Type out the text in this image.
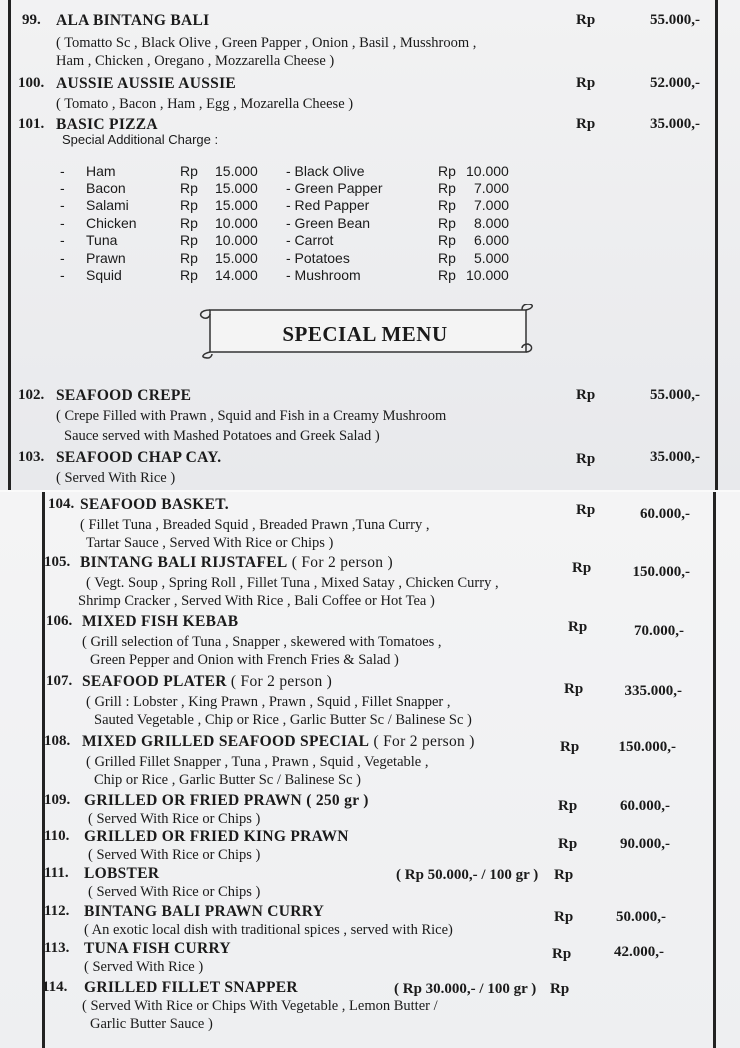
99. ALA BINTANG BALI
( Tomatto Sc , Black Olive , Green Papper , Onion , Basil , Musshroom ,
Ham , Chicken , Oregano , Mozzarella Cheese )
Rp	55.000,-
100. AUSSIE AUSSIE AUSSIE
( Tomato , Bacon , Ham , Egg , Mozarella Cheese )
Rp	52.000,-
101. BASIC PIZZA	Rp	35.000,-
Special Additional Charge :
- Ham	Rp 15.000
- Bacon	Rp 15.000
- Salami	Rp 15.000
- Chicken	Rp 10.000
- Tuna	Rp 10.000
- Prawn	Rp 15.000
- Squid	Rp 14.000
- Black Olive	Rp 10.000
- Green Papper	Rp 7.000
- Red Papper	Rp 7.000
- Green Bean	Rp 8.000
- Carrot	Rp 6.000
- Potatoes	Rp 5.000
- Mushroom	Rp 10.000
SPECIAL MENU
102. SEAFOOD CREPE
( Crepe Filled with Prawn , Squid and Fish in a Creamy Mushroom
Sauce served with Mashed Potatoes and Greek Salad )
Rp	55.000,-
103. SEAFOOD CHAP CAY.
( Served With Rice )
Rp	35.000,-
104. SEAFOOD BASKET.
( Fillet Tuna , Breaded Squid , Breaded Prawn ,Tuna Curry ,
Tartar Sauce , Served With Rice or Chips )
Rp	60.000,-
105. BINTANG BALI RIJSTAFEL ( For 2 person )
( Vegt. Soup , Spring Roll , Fillet Tuna , Mixed Satay , Chicken Curry ,
Shrimp Cracker , Served With Rice , Bali Coffee or Hot Tea )
Rp	150.000,-
106. MIXED FISH KEBAB
( Grill selection of Tuna , Snapper , skewered with Tomatoes ,
Green Pepper and Onion with French Fries & Salad )
Rp	70.000,-
107. SEAFOOD PLATER ( For 2 person )
( Grill : Lobster , King Prawn , Prawn , Squid , Fillet Snapper ,
Sauted Vegetable , Chip or Rice , Garlic Butter Sc / Balinese Sc )
Rp	335.000,-
108. MIXED GRILLED SEAFOOD SPECIAL ( For 2 person )
( Grilled Fillet Snapper , Tuna , Prawn , Squid , Vegetable ,
Chip or Rice , Garlic Butter Sc / Balinese Sc )
Rp	150.000,-
109. GRILLED OR FRIED PRAWN ( 250 gr )
( Served With Rice or Chips )
Rp	60.000,-
110. GRILLED OR FRIED KING PRAWN
( Served With Rice or Chips )
Rp	90.000,-
111. LOBSTER
( Served With Rice or Chips )
( Rp 50.000,- / 100 gr ) Rp
112. BINTANG BALI PRAWN CURRY
( An exotic local dish with traditional spices , served with Rice)
Rp	50.000,-
113. TUNA FISH CURRY
( Served With Rice )
Rp	42.000,-
114. GRILLED FILLET SNAPPER
( Served With Rice or Chips With Vegetable , Lemon Butter /
Garlic Butter Sauce )
( Rp 30.000,- / 100 gr ) Rp
